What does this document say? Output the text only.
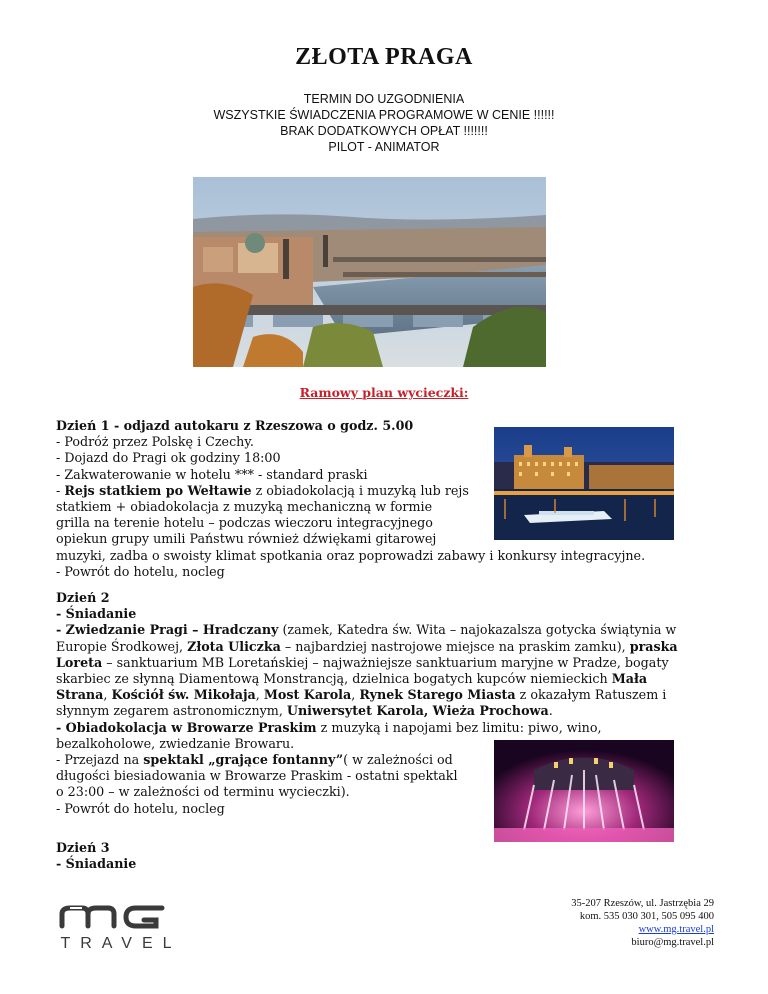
ZŁOTA PRAGA
TERMIN DO UZGODNIENIA
WSZYSTKIE ŚWIADCZENIA PROGRAMOWE W CENIE !!!!!!
BRAK DODATKOWYCH OPŁAT !!!!!!!
PILOT - ANIMATOR
Ramowy plan wycieczki:
Dzień 1 - odjazd autokaru z Rzeszowa o godz. 5.00
- Podróż przez Polskę i Czechy.
- Dojazd do Pragi ok godziny 18:00
- Zakwaterowanie w hotelu *** - standard praski
- Rejs statkiem po Wełtawie z obiadokolacją i muzyką lub rejs
statkiem + obiadokolacja z muzyką mechaniczną w formie
grilla na terenie hotelu – podczas wieczoru integracyjnego
opiekun grupy umili Państwu również dźwiękami gitarowej
muzyki, zadba o swoisty klimat spotkania oraz poprowadzi zabawy i konkursy integracyjne.
- Powrót do hotelu, nocleg
Dzień 2
- Śniadanie
- Zwiedzanie Pragi – Hradczany (zamek, Katedra św. Wita – najokazalsza gotycka świątynia w
Europie Środkowej, Złota Uliczka – najbardziej nastrojowe miejsce na praskim zamku), praska
Loreta – sanktuarium MB Loretańskiej – najważniejsze sanktuarium maryjne w Pradze, bogaty
skarbiec ze słynną Diamentową Monstrancją, dzielnica bogatych kupców niemieckich Mała
Strana, Kościół św. Mikołaja, Most Karola, Rynek Starego Miasta z okazałym Ratuszem i
słynnym zegarem astronomicznym, Uniwersytet Karola, Wieża Prochowa.
- Obiadokolacja w Browarze Praskim z muzyką i napojami bez limitu: piwo, wino,
bezalkoholowe, zwiedzanie Browaru.
- Przejazd na spektakl „grające fontanny”( w zależności od
długości biesiadowania w Browarze Praskim - ostatni spektakl
o 23:00 – w zależności od terminu wycieczki).
- Powrót do hotelu, nocleg
Dzień 3
- Śniadanie
35-207 Rzeszów, ul. Jastrzębia 29
kom. 535 030 301, 505 095 400
www.mg.travel.pl
biuro@mg.travel.pl
TRAVEL
